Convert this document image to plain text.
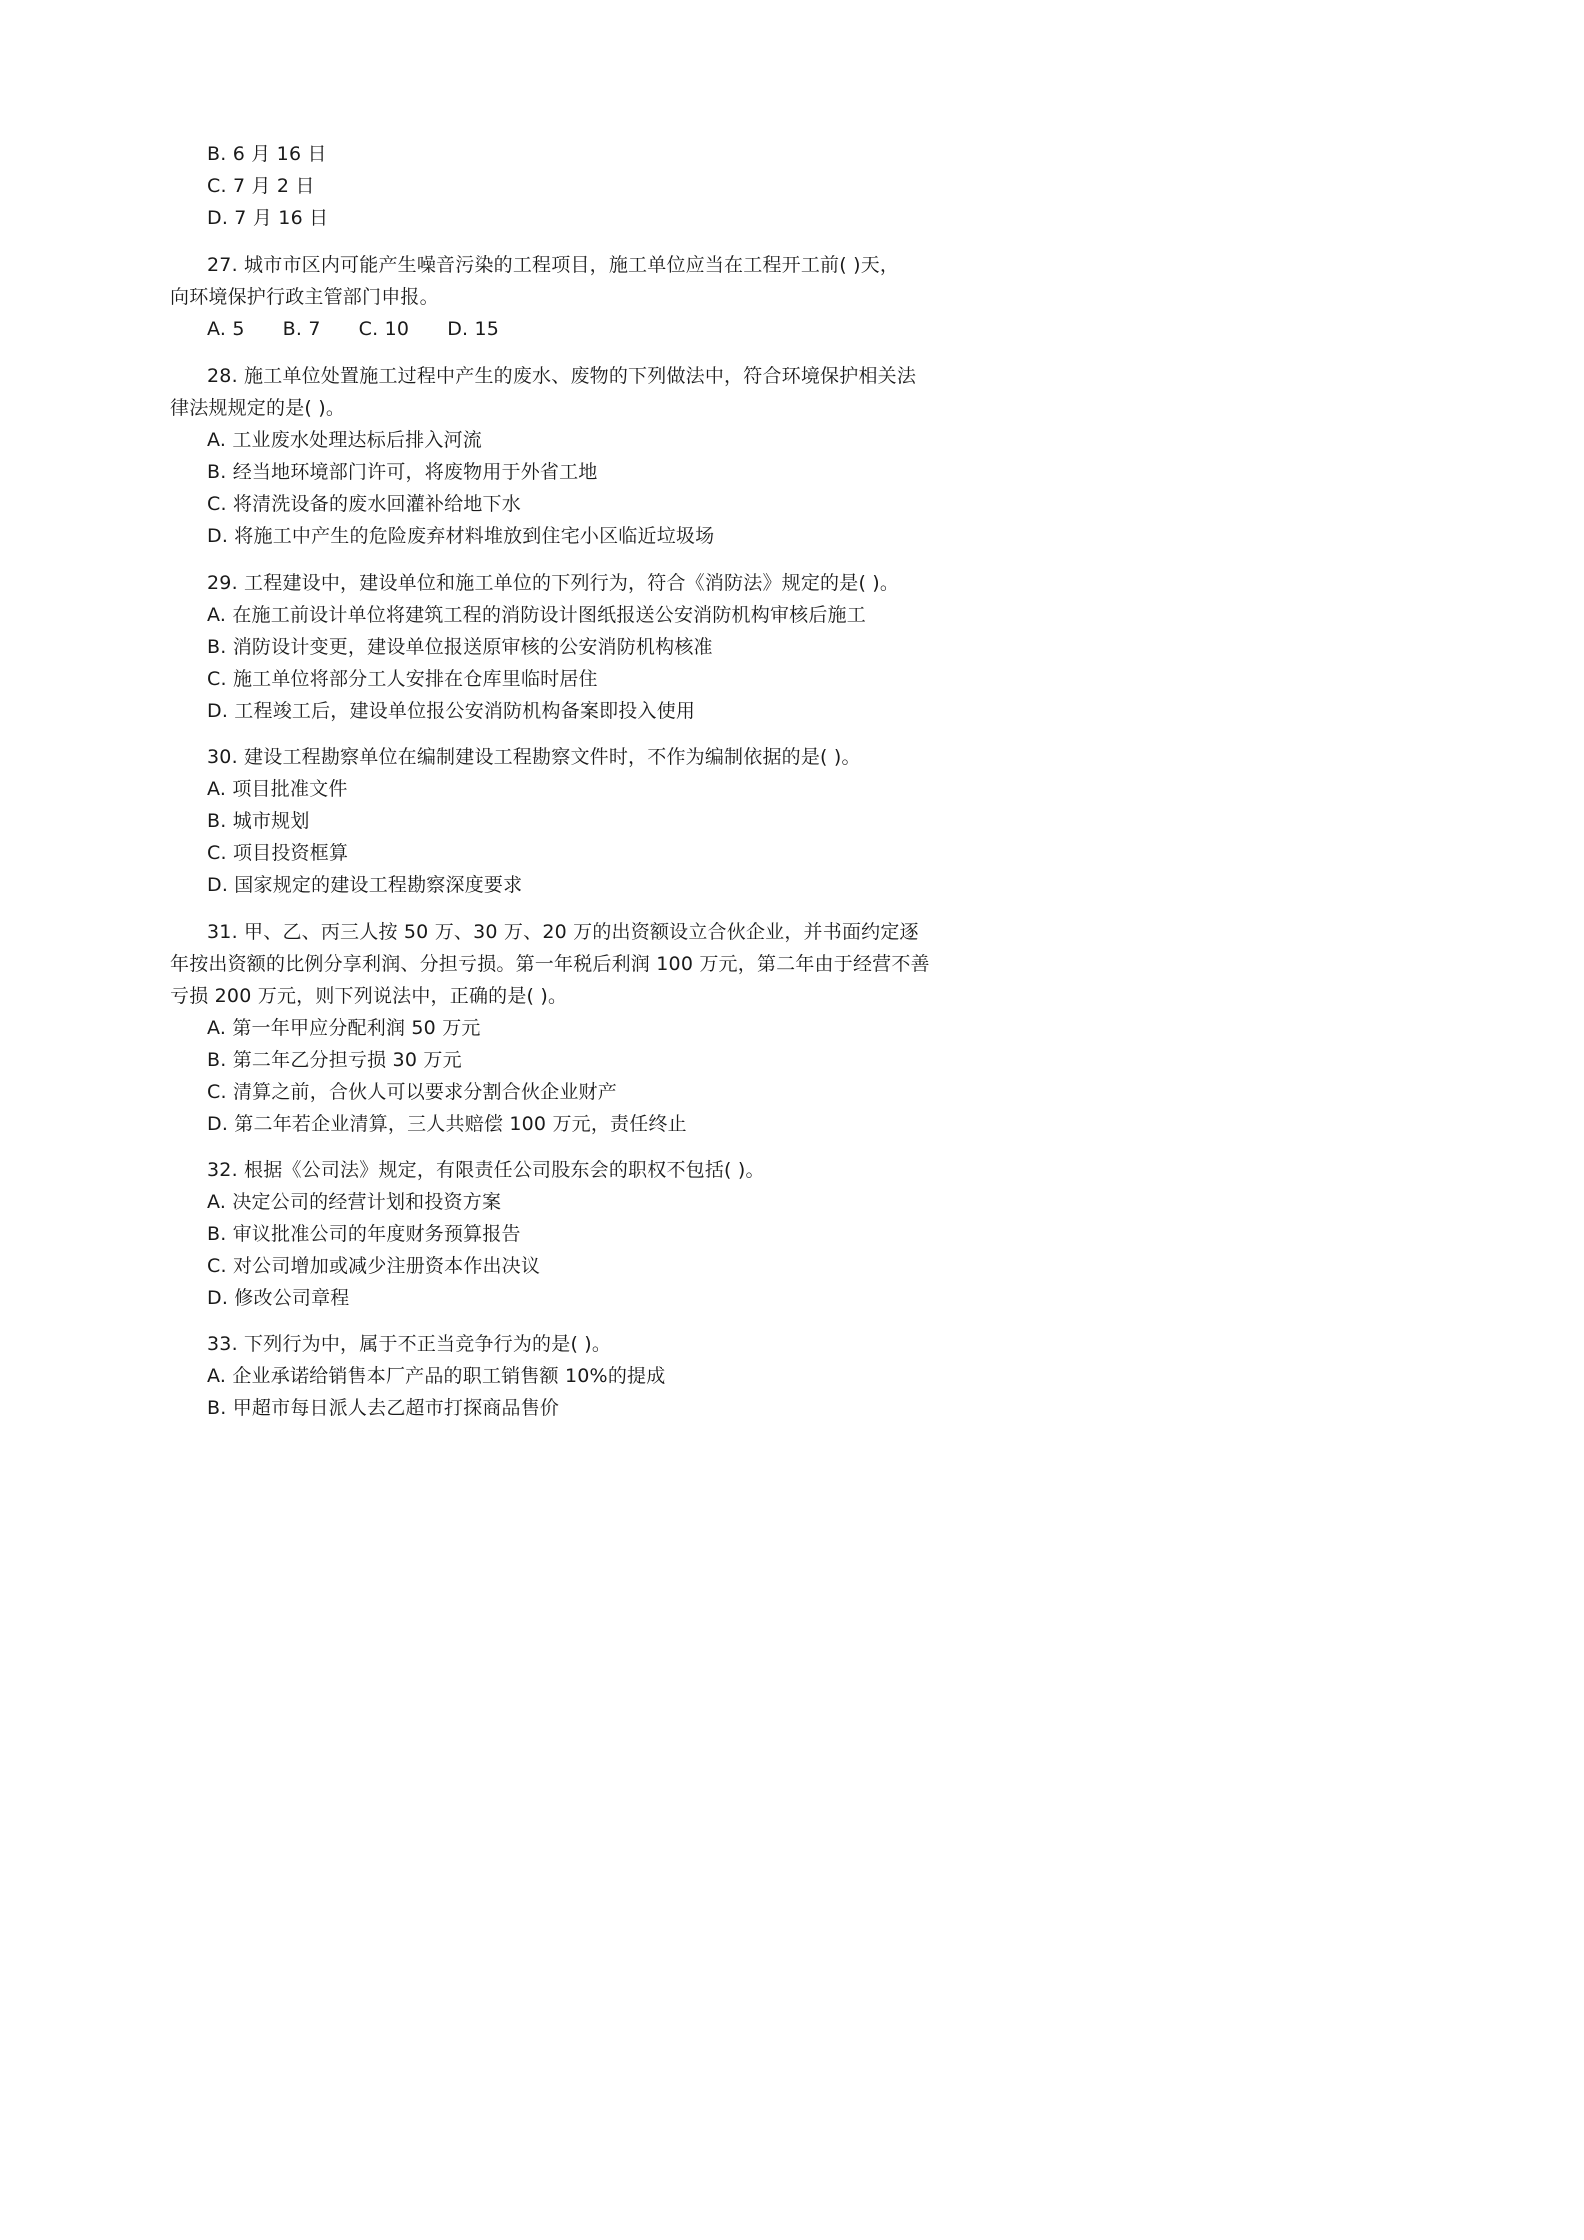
B. 6 月 16 日
C. 7 月 2 日
D. 7 月 16 日
27. 城市市区内可能产生噪音污染的工程项目，施工单位应当在工程开工前( )天，
向环境保护行政主管部门申报。
A. 5 B. 7 C. 10 D. 15
28. 施工单位处置施工过程中产生的废水、废物的下列做法中，符合环境保护相关法
律法规规定的是( )。
A. 工业废水处理达标后排入河流
B. 经当地环境部门许可，将废物用于外省工地
C. 将清洗设备的废水回灌补给地下水
D. 将施工中产生的危险废弃材料堆放到住宅小区临近垃圾场
29. 工程建设中，建设单位和施工单位的下列行为，符合《消防法》规定的是( )。
A. 在施工前设计单位将建筑工程的消防设计图纸报送公安消防机构审核后施工
B. 消防设计变更，建设单位报送原审核的公安消防机构核准
C. 施工单位将部分工人安排在仓库里临时居住
D. 工程竣工后，建设单位报公安消防机构备案即投入使用
30. 建设工程勘察单位在编制建设工程勘察文件时，不作为编制依据的是( )。
A. 项目批准文件
B. 城市规划
C. 项目投资框算
D. 国家规定的建设工程勘察深度要求
31. 甲、乙、丙三人按 50 万、30 万、20 万的出资额设立合伙企业，并书面约定逐
年按出资额的比例分享利润、分担亏损。第一年税后利润 100 万元，第二年由于经营不善
亏损 200 万元，则下列说法中，正确的是( )。
A. 第一年甲应分配利润 50 万元
B. 第二年乙分担亏损 30 万元
C. 清算之前，合伙人可以要求分割合伙企业财产
D. 第二年若企业清算，三人共赔偿 100 万元，责任终止
32. 根据《公司法》规定，有限责任公司股东会的职权不包括( )。
A. 决定公司的经营计划和投资方案
B. 审议批准公司的年度财务预算报告
C. 对公司增加或减少注册资本作出决议
D. 修改公司章程
33. 下列行为中，属于不正当竞争行为的是( )。
A. 企业承诺给销售本厂产品的职工销售额 10%的提成
B. 甲超市每日派人去乙超市打探商品售价
